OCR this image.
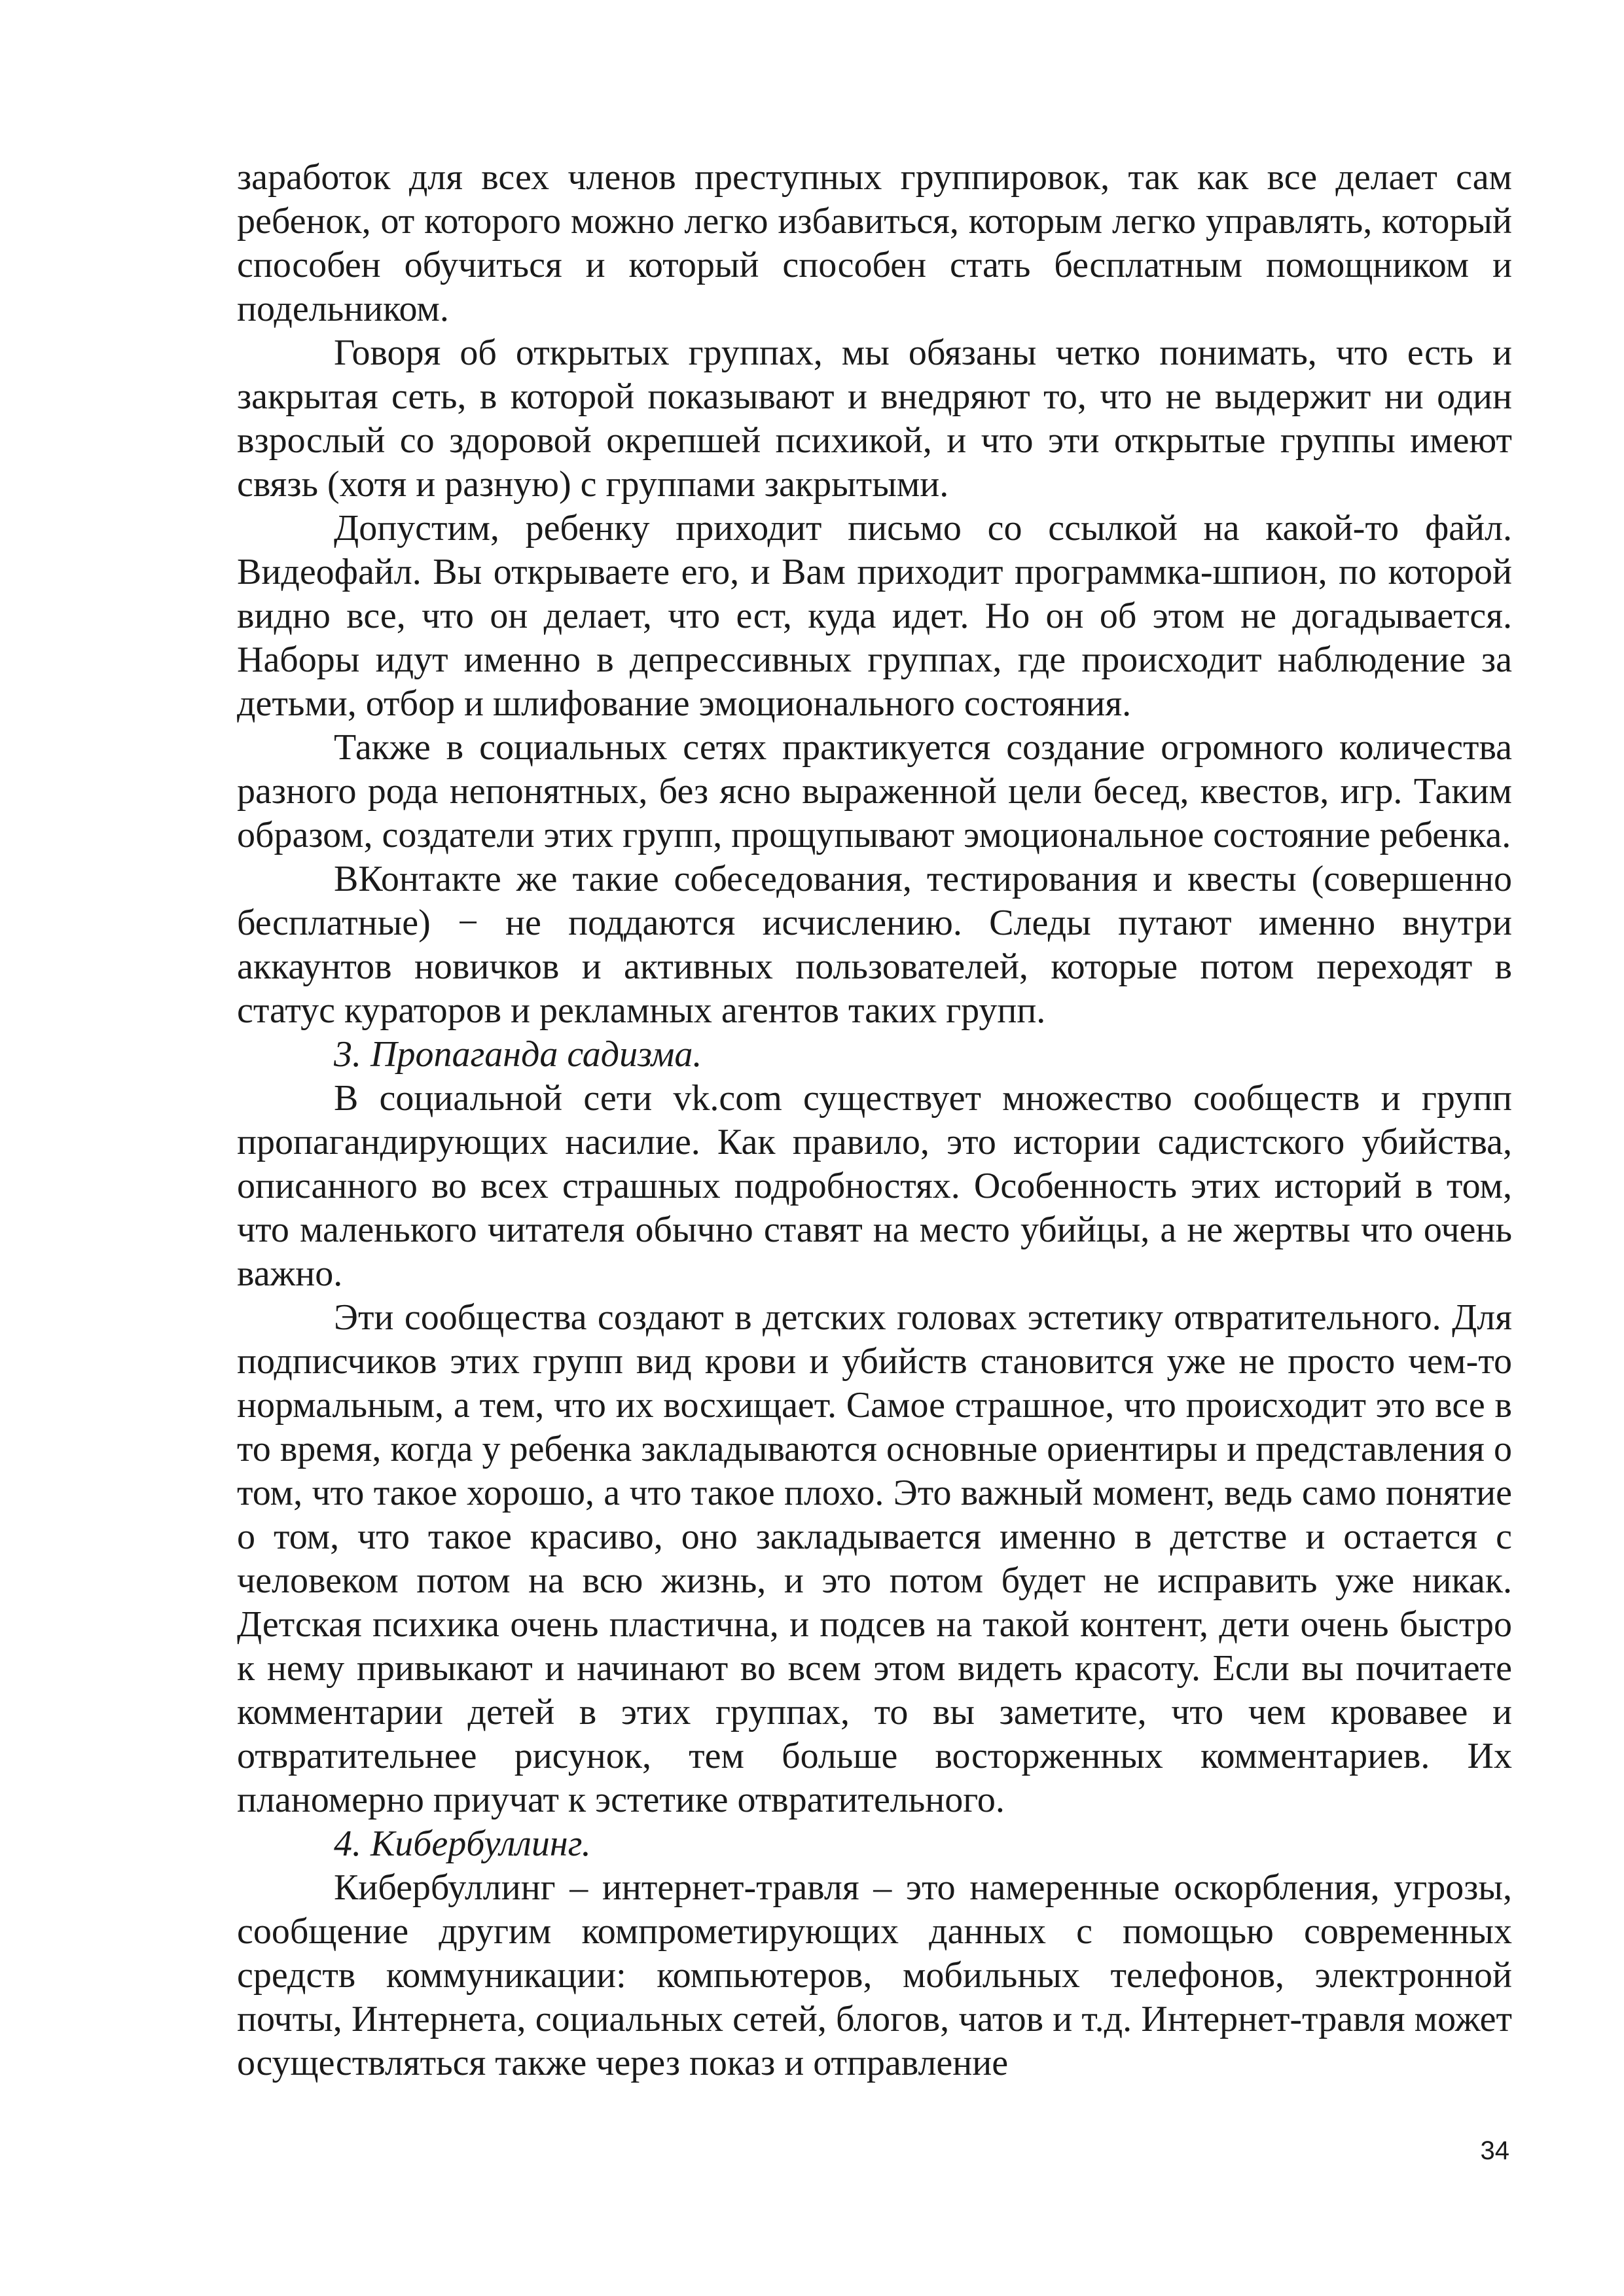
заработок для всех членов преступных группировок, так как все делает сам ребенок, от которого можно легко избавиться, которым легко управлять, который способен обучиться и который способен стать бесплатным помощником и подельником.

Говоря об открытых группах, мы обязаны четко понимать, что есть и закрытая сеть, в которой показывают и внедряют то, что не выдержит ни один взрослый со здоровой окрепшей психикой, и что эти открытые группы имеют связь (хотя и разную) с группами закрытыми.

Допустим, ребенку приходит письмо со ссылкой на какой-то файл. Видеофайл. Вы открываете его, и Вам приходит программка-шпион, по которой видно все, что он делает, что ест, куда идет. Но он об этом не догадывается. Наборы идут именно в депрессивных группах, где происходит наблюдение за детьми, отбор и шлифование эмоционального состояния.

Также в социальных сетях практикуется создание огромного количества разного рода непонятных, без ясно выраженной цели бесед, квестов, игр. Таким образом, создатели этих групп, прощупывают эмоциональное состояние ребенка.

ВКонтакте же такие собеседования, тестирования и квесты (совершенно бесплатные) − не поддаются исчислению. Следы путают именно внутри аккаунтов новичков и активных пользователей, которые потом переходят в статус кураторов и рекламных агентов таких групп.

3. Пропаганда садизма.

В социальной сети vk.com существует множество сообществ и групп пропагандирующих насилие. Как правило, это истории садистского убийства, описанного во всех страшных подробностях. Особенность этих историй в том, что маленького читателя обычно ставят на место убийцы, а не жертвы что очень важно.

Эти сообщества создают в детских головах эстетику отвратительного. Для подписчиков этих групп вид крови и убийств становится уже не просто чем-то нормальным, а тем, что их восхищает. Самое страшное, что происходит это все в то время, когда у ребенка закладываются основные ориентиры и представления о том, что такое хорошо, а что такое плохо. Это важный момент, ведь само понятие о том, что такое красиво, оно закладывается именно в детстве и остается с человеком потом на всю жизнь, и это потом будет не исправить уже никак. Детская психика очень пластична, и подсев на такой контент, дети очень быстро к нему привыкают и начинают во всем этом видеть красоту. Если вы почитаете комментарии детей в этих группах, то вы заметите, что чем кровавее и отвратительнее рисунок, тем больше восторженных комментариев. Их планомерно приучат к эстетике отвратительного.

4. Кибербуллинг.

Кибербуллинг – интернет-травля – это намеренные оскорбления, угрозы, сообщение другим компрометирующих данных с помощью современных средств коммуникации: компьютеров, мобильных телефонов, электронной почты, Интернета, социальных сетей, блогов, чатов и т.д. Интернет-травля может осуществляться также через показ и отправление

34
